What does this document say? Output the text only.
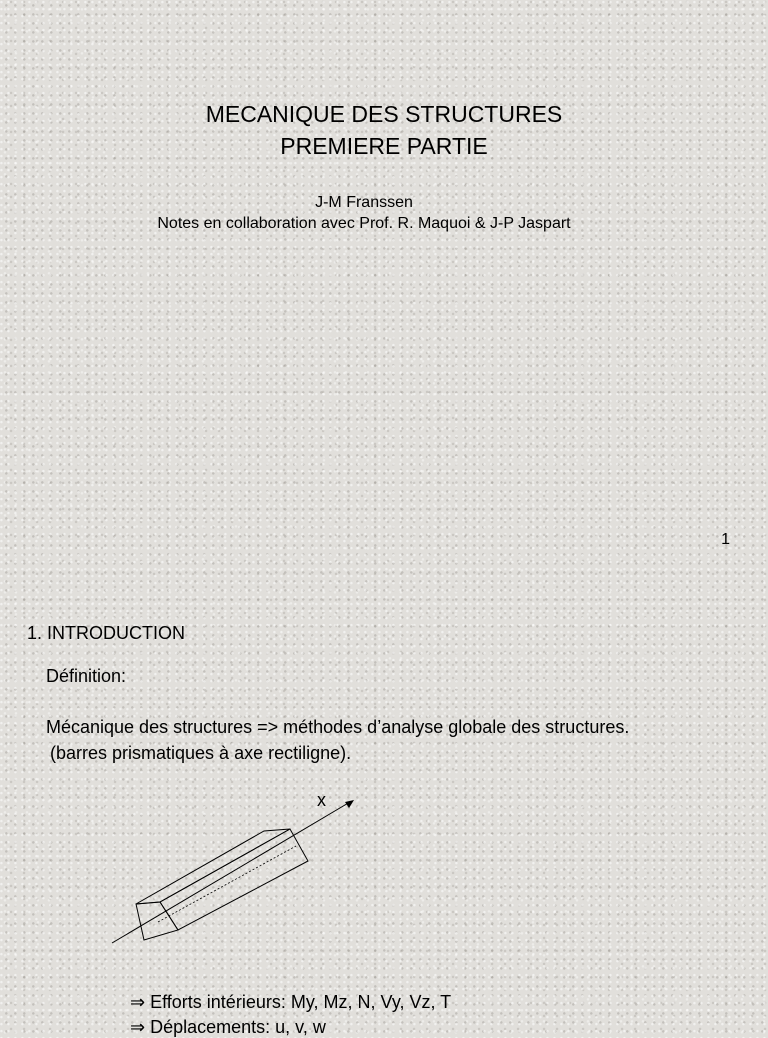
MECANIQUE DES STRUCTURES
PREMIERE PARTIE
J-M Franssen
Notes en collaboration avec Prof. R. Maquoi & J-P Jaspart
1
1. INTRODUCTION
Définition:
Mécanique des structures => méthodes d’analyse globale des structures.
(barres prismatiques à axe rectiligne).
x
⇒ Efforts intérieurs: My, Mz, N, Vy, Vz, T
⇒ Déplacements: u, v, w
